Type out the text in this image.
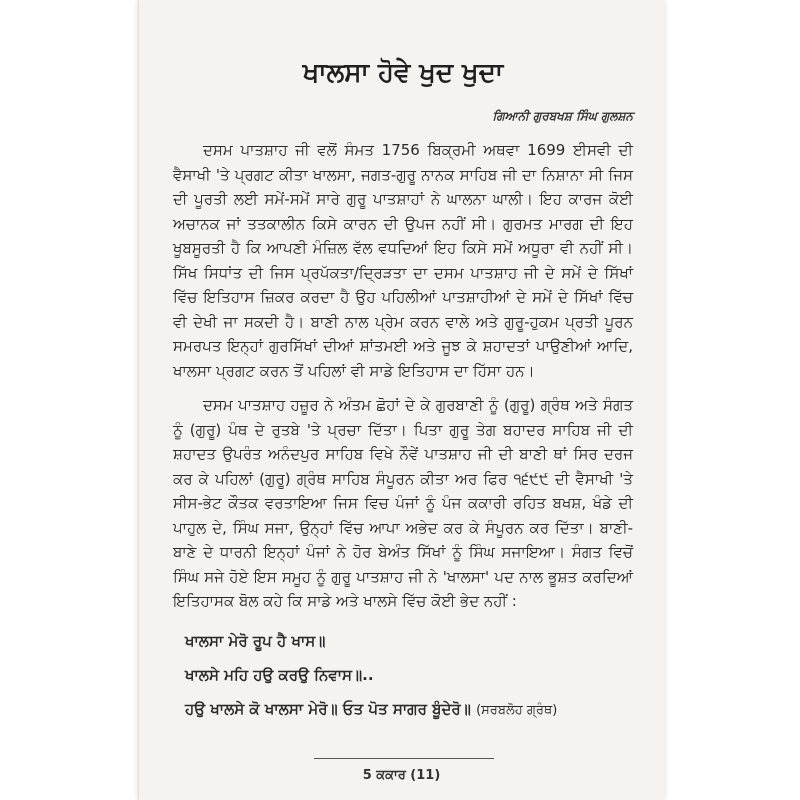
ਖਾਲਸਾ ਹੋਵੇ ਖੁਦ ਖੁਦਾ
ਗਿਆਨੀ ਗੁਰਬਖਸ਼ ਸਿੰਘ ਗੁਲਸ਼ਨ

ਦਸਮ ਪਾਤਸ਼ਾਹ ਜੀ ਵਲੋਂ ਸੰਮਤ 1756 ਬਿਕ੍ਰਮੀ ਅਥਵਾ 1699 ਈਸਵੀ ਦੀ ਵੈਸਾਖੀ 'ਤੇ ਪ੍ਰਗਟ ਕੀਤਾ ਖਾਲਸਾ, ਜਗਤ-ਗੁਰੂ ਨਾਨਕ ਸਾਹਿਬ ਜੀ ਦਾ ਨਿਸ਼ਾਨਾ ਸੀ ਜਿਸ ਦੀ ਪੂਰਤੀ ਲਈ ਸਮੇਂ-ਸਮੇਂ ਸਾਰੇ ਗੁਰੂ ਪਾਤਸ਼ਾਹਾਂ ਨੇ ਘਾਲਨਾ ਘਾਲੀ। ਇਹ ਕਾਰਜ ਕੋਈ ਅਚਾਨਕ ਜਾਂ ਤਤਕਾਲੀਨ ਕਿਸੇ ਕਾਰਨ ਦੀ ਉਪਜ ਨਹੀਂ ਸੀ। ਗੁਰਮਤ ਮਾਰਗ ਦੀ ਇਹ ਖੂਬਸੂਰਤੀ ਹੈ ਕਿ ਆਪਣੀ ਮੰਜ਼ਿਲ ਵੱਲ ਵਧਦਿਆਂ ਇਹ ਕਿਸੇ ਸਮੇਂ ਅਧੂਰਾ ਵੀ ਨਹੀਂ ਸੀ। ਸਿੱਖ ਸਿਧਾਂਤ ਦੀ ਜਿਸ ਪ੍ਰਪੱਕਤਾ/ਦ੍ਰਿੜਤਾ ਦਾ ਦਸਮ ਪਾਤਸ਼ਾਹ ਜੀ ਦੇ ਸਮੇਂ ਦੇ ਸਿੱਖਾਂ ਵਿੱਚ ਇਤਿਹਾਸ ਜ਼ਿਕਰ ਕਰਦਾ ਹੈ ਉਹ ਪਹਿਲੀਆਂ ਪਾਤਸ਼ਾਹੀਆਂ ਦੇ ਸਮੇਂ ਦੇ ਸਿੱਖਾਂ ਵਿੱਚ ਵੀ ਦੇਖੀ ਜਾ ਸਕਦੀ ਹੈ। ਬਾਣੀ ਨਾਲ ਪ੍ਰੇਮ ਕਰਨ ਵਾਲੇ ਅਤੇ ਗੁਰੂ-ਹੁਕਮ ਪ੍ਰਤੀ ਪੂਰਨ ਸਮਰਪਤ ਇਨ੍ਹਾਂ ਗੁਰਸਿੱਖਾਂ ਦੀਆਂ ਸ਼ਾਂਤਮਈ ਅਤੇ ਜੂਝ ਕੇ ਸ਼ਹਾਦਤਾਂ ਪਾਉਣੀਆਂ ਆਦਿ, ਖਾਲਸਾ ਪ੍ਰਗਟ ਕਰਨ ਤੋਂ ਪਹਿਲਾਂ ਵੀ ਸਾਡੇ ਇਤਿਹਾਸ ਦਾ ਹਿੱਸਾ ਹਨ।

ਦਸਮ ਪਾਤਸ਼ਾਹ ਹਜ਼ੂਰ ਨੇ ਅੰਤਮ ਛੋਹਾਂ ਦੇ ਕੇ ਗੁਰਬਾਣੀ ਨੂੰ (ਗੁਰੂ) ਗ੍ਰੰਥ ਅਤੇ ਸੰਗਤ ਨੂੰ (ਗੁਰੂ) ਪੰਥ ਦੇ ਰੁਤਬੇ 'ਤੇ ਪ੍ਰਚਾ ਦਿੱਤਾ। ਪਿਤਾ ਗੁਰੂ ਤੇਗ ਬਹਾਦਰ ਸਾਹਿਬ ਜੀ ਦੀ ਸ਼ਹਾਦਤ ਉਪਰੰਤ ਅਨੰਦਪੁਰ ਸਾਹਿਬ ਵਿਖੇ ਨੌਵੇਂ ਪਾਤਸ਼ਾਹ ਜੀ ਦੀ ਬਾਣੀ ਥਾਂ ਸਿਰ ਦਰਜ ਕਰ ਕੇ ਪਹਿਲਾਂ (ਗੁਰੂ) ਗ੍ਰੰਥ ਸਾਹਿਬ ਸੰਪੂਰਨ ਕੀਤਾ ਅਰ ਫਿਰ ੧੬੯੯ ਦੀ ਵੈਸਾਖੀ 'ਤੇ ਸੀਸ-ਭੇਟ ਕੌਤਕ ਵਰਤਾਇਆ ਜਿਸ ਵਿਚ ਪੰਜਾਂ ਨੂੰ ਪੰਜ ਕਕਾਰੀ ਰਹਿਤ ਬਖਸ਼, ਖੰਡੇ ਦੀ ਪਾਹੁਲ ਦੇ, ਸਿੰਘ ਸਜਾ, ਉਨ੍ਹਾਂ ਵਿੱਚ ਆਪਾ ਅਭੇਦ ਕਰ ਕੇ ਸੰਪੂਰਨ ਕਰ ਦਿੱਤਾ। ਬਾਣੀ-ਬਾਣੇ ਦੇ ਧਾਰਨੀ ਇਨ੍ਹਾਂ ਪੰਜਾਂ ਨੇ ਹੋਰ ਬੇਅੰਤ ਸਿੱਖਾਂ ਨੂੰ ਸਿੰਘ ਸਜਾਇਆ। ਸੰਗਤ ਵਿਚੋਂ ਸਿੰਘ ਸਜੇ ਹੋਏ ਇਸ ਸਮੂਹ ਨੂੰ ਗੁਰੂ ਪਾਤਸ਼ਾਹ ਜੀ ਨੇ 'ਖਾਲਸਾ' ਪਦ ਨਾਲ ਭੂਸ਼ਤ ਕਰਦਿਆਂ ਇਤਿਹਾਸਕ ਬੋਲ ਕਹੇ ਕਿ ਸਾਡੇ ਅਤੇ ਖਾਲਸੇ ਵਿੱਚ ਕੋਈ ਭੇਦ ਨਹੀਂ :

ਖਾਲਸਾ ਮੇਰੋ ਰੂਪ ਹੈ ਖਾਸ॥
ਖਾਲਸੇ ਮਹਿ ਹਉ ਕਰਉ ਨਿਵਾਸ॥..
ਹਉ ਖਾਲਸੇ ਕੋ ਖਾਲਸਾ ਮੇਰੋ॥ ਓਤ ਪੋਤ ਸਾਗਰ ਬੂੰਦੇਰੋ॥ (ਸਰਬਲੋਹ ਗ੍ਰੰਥ)
5 ਕਕਾਰ (11)
